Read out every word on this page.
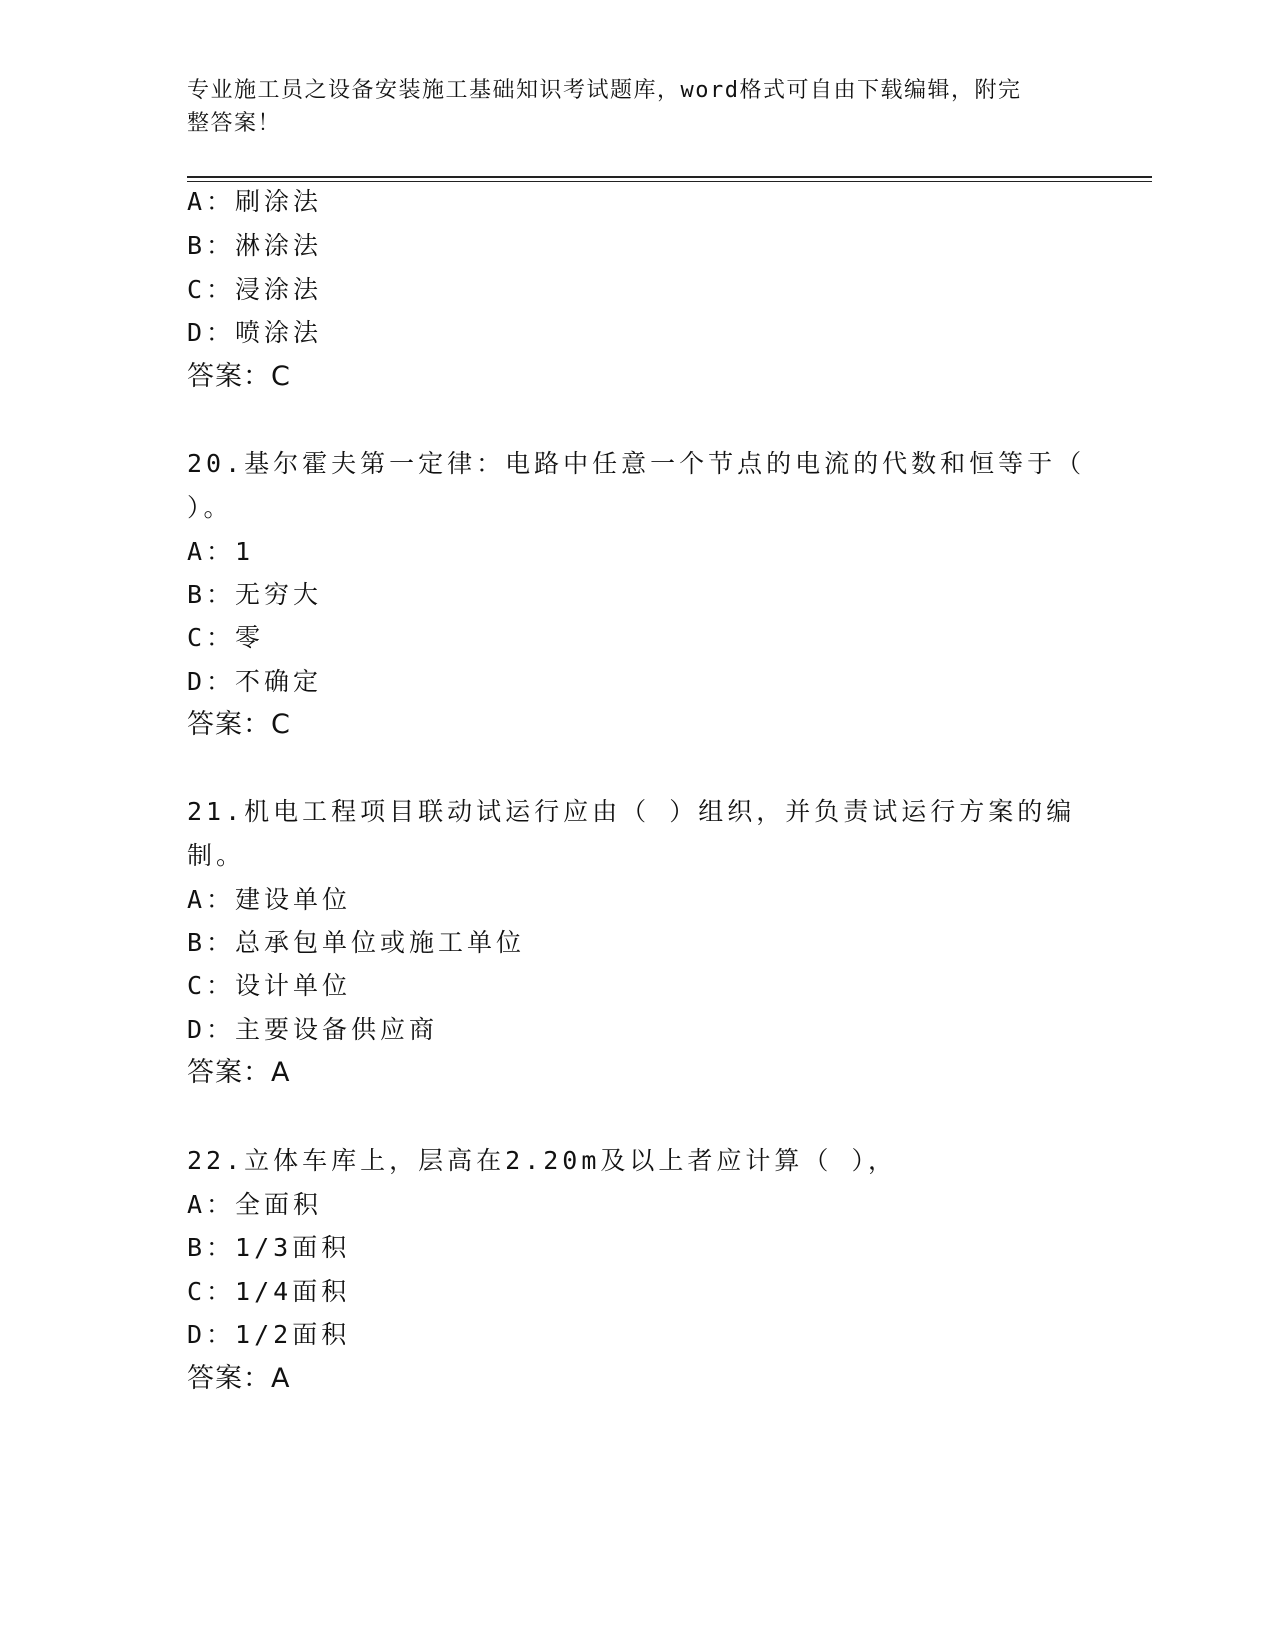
专业施工员之设备安装施工基础知识考试题库，word格式可自由下载编辑，附完
整答案！
A：刷涂法
B：淋涂法
C：浸涂法
D：喷涂法
答案：C
20.基尔霍夫第一定律：电路中任意一个节点的电流的代数和恒等于（
）。
A：1
B：无穷大
C：零
D：不确定
答案：C
21.机电工程项目联动试运行应由（ ）组织，并负责试运行方案的编
制。
A：建设单位
B：总承包单位或施工单位
C：设计单位
D：主要设备供应商
答案：A
22.立体车库上，层高在2.20m及以上者应计算（ ），
A：全面积
B：1/3面积
C：1/4面积
D：1/2面积
答案：A
